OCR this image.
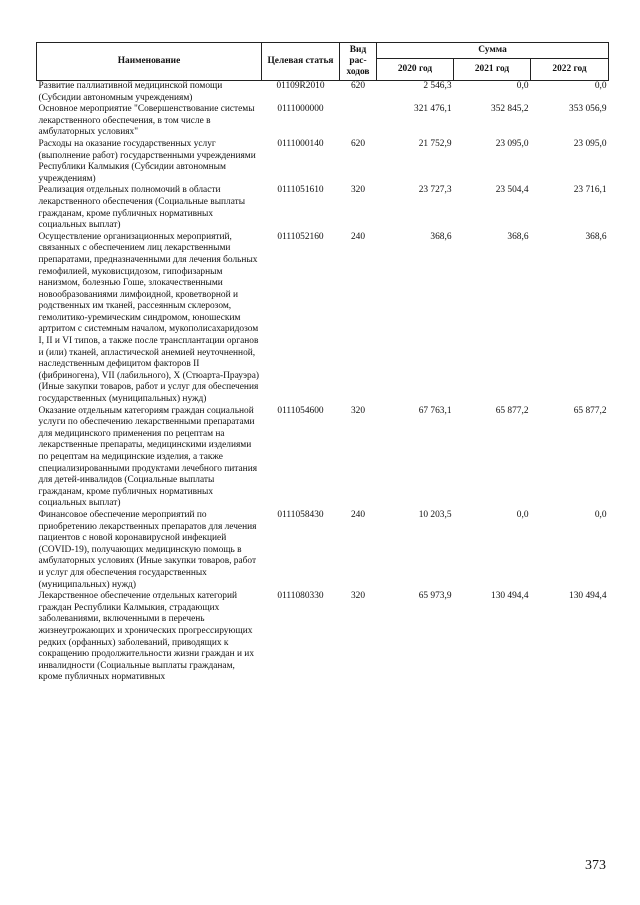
Наименование	Целевая статья	Вид рас-ходов	Сумма		
			2020 год	2021 год	2022 год
Развитие паллиативной медицинской помощи (Субсидии автономным учреждениям)	01109R2010	620	2 546,3	0,0	0,0
Основное мероприятие "Совершенствование системы лекарственного обеспечения, в том числе в амбулаторных условиях"	0111000000		321 476,1	352 845,2	353 056,9
Расходы на оказание государственных услуг (выполнение работ) государственными учреждениями Республики Калмыкия (Субсидии автономным учреждениям)	0111000140	620	21 752,9	23 095,0	23 095,0
Реализация отдельных полномочий в области лекарственного обеспечения (Социальные выплаты гражданам, кроме публичных нормативных социальных выплат)	0111051610	320	23 727,3	23 504,4	23 716,1
Осуществление организационных мероприятий, связанных с обеспечением лиц лекарственными препаратами, предназначенными для лечения больных гемофилией, муковисцидозом, гипофизарным нанизмом, болезнью Гоше, злокачественными новообразованиями лимфоидной, кроветворной и родственных им тканей, рассеянным склерозом, гемолитико-уремическим синдромом, юношеским артритом с системным началом, мукополисахаридозом I, II и VI типов, а также после трансплантации органов и (или) тканей, апластической анемией неуточненной, наследственным дефицитом факторов II (фибриногена), VII (лабильного), X (Стюарта-Прауэра) (Иные закупки товаров, работ и услуг для обеспечения государственных (муниципальных) нужд)	0111052160	240	368,6	368,6	368,6
Оказание отдельным категориям граждан социальной услуги по обеспечению лекарственными препаратами для медицинского применения по рецептам на лекарственные препараты, медицинскими изделиями по рецептам на медицинские изделия, а также специализированными продуктами лечебного питания для детей-инвалидов (Социальные выплаты гражданам, кроме публичных нормативных социальных выплат)	0111054600	320	67 763,1	65 877,2	65 877,2
Финансовое обеспечение мероприятий по приобретению лекарственных препаратов для лечения пациентов с новой коронавирусной инфекцией (COVID-19), получающих медицинскую помощь в амбулаторных условиях (Иные закупки товаров, работ и услуг для обеспечения государственных (муниципальных) нужд)	0111058430	240	10 203,5	0,0	0,0
Лекарственное обеспечение отдельных категорий граждан Республики Калмыкия, страдающих заболеваниями, включенными в перечень жизнеугрожающих и хронических прогрессирующих редких (орфанных) заболеваний, приводящих к сокращению продолжительности жизни граждан и их инвалидности (Социальные выплаты гражданам, кроме публичных нормативных	0111080330	320	65 973,9	130 494,4	130 494,4
373
